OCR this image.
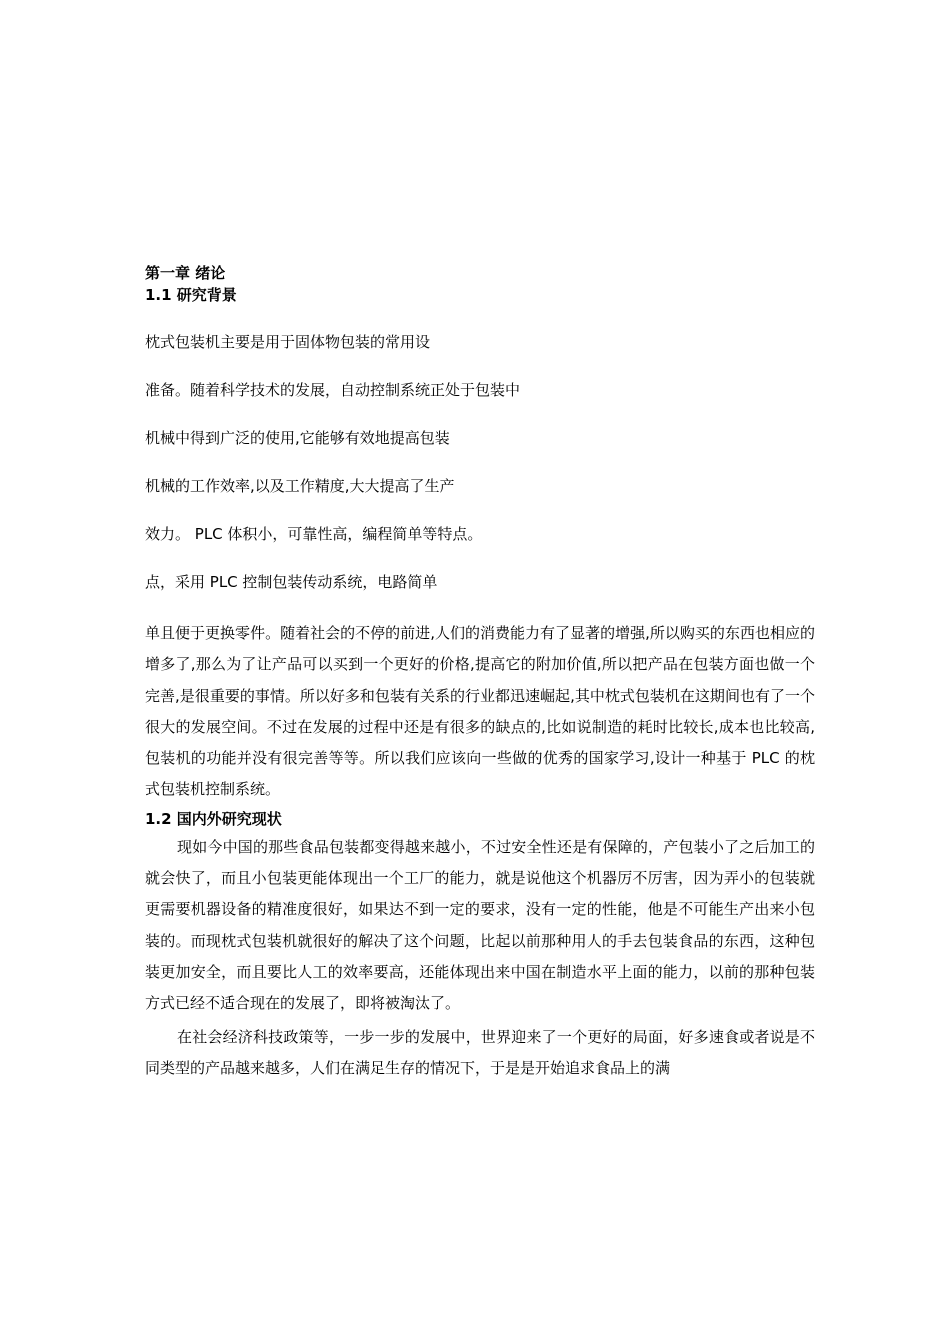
第一章 绪论
1.1 研究背景

枕式包装机主要是用于固体物包装的常用设

准备。随着科学技术的发展，自动控制系统正处于包装中

机械中得到广泛的使用,它能够有效地提高包装

机械的工作效率,以及工作精度,大大提高了生产

效力。 PLC 体积小，可靠性高，编程简单等特点。

点，采用 PLC 控制包装传动系统，电路简单

单且便于更换零件。随着社会的不停的前进,人们的消费能力有了显著的增强,所以购买的东西也相应的增多了,那么为了让产品可以买到一个更好的价格,提高它的附加价值,所以把产品在包装方面也做一个完善,是很重要的事情。所以好多和包装有关系的行业都迅速崛起,其中枕式包装机在这期间也有了一个很大的发展空间。不过在发展的过程中还是有很多的缺点的,比如说制造的耗时比较长,成本也比较高,包装机的功能并没有很完善等等。所以我们应该向一些做的优秀的国家学习,设计一种基于 PLC 的枕式包装机控制系统。

1.2 国内外研究现状

现如今中国的那些食品包装都变得越来越小，不过安全性还是有保障的，产包装小了之后加工的就会快了，而且小包装更能体现出一个工厂的能力，就是说他这个机器厉不厉害，因为弄小的包装就更需要机器设备的精准度很好，如果达不到一定的要求，没有一定的性能，他是不可能生产出来小包装的。而现枕式包装机就很好的解决了这个问题，比起以前那种用人的手去包装食品的东西，这种包装更加安全，而且要比人工的效率要高，还能体现出来中国在制造水平上面的能力，以前的那种包装方式已经不适合现在的发展了，即将被淘汰了。

在社会经济科技政策等，一步一步的发展中，世界迎来了一个更好的局面，好多速食或者说是不同类型的产品越来越多，人们在满足生存的情况下，于是是开始追求食品上的满
